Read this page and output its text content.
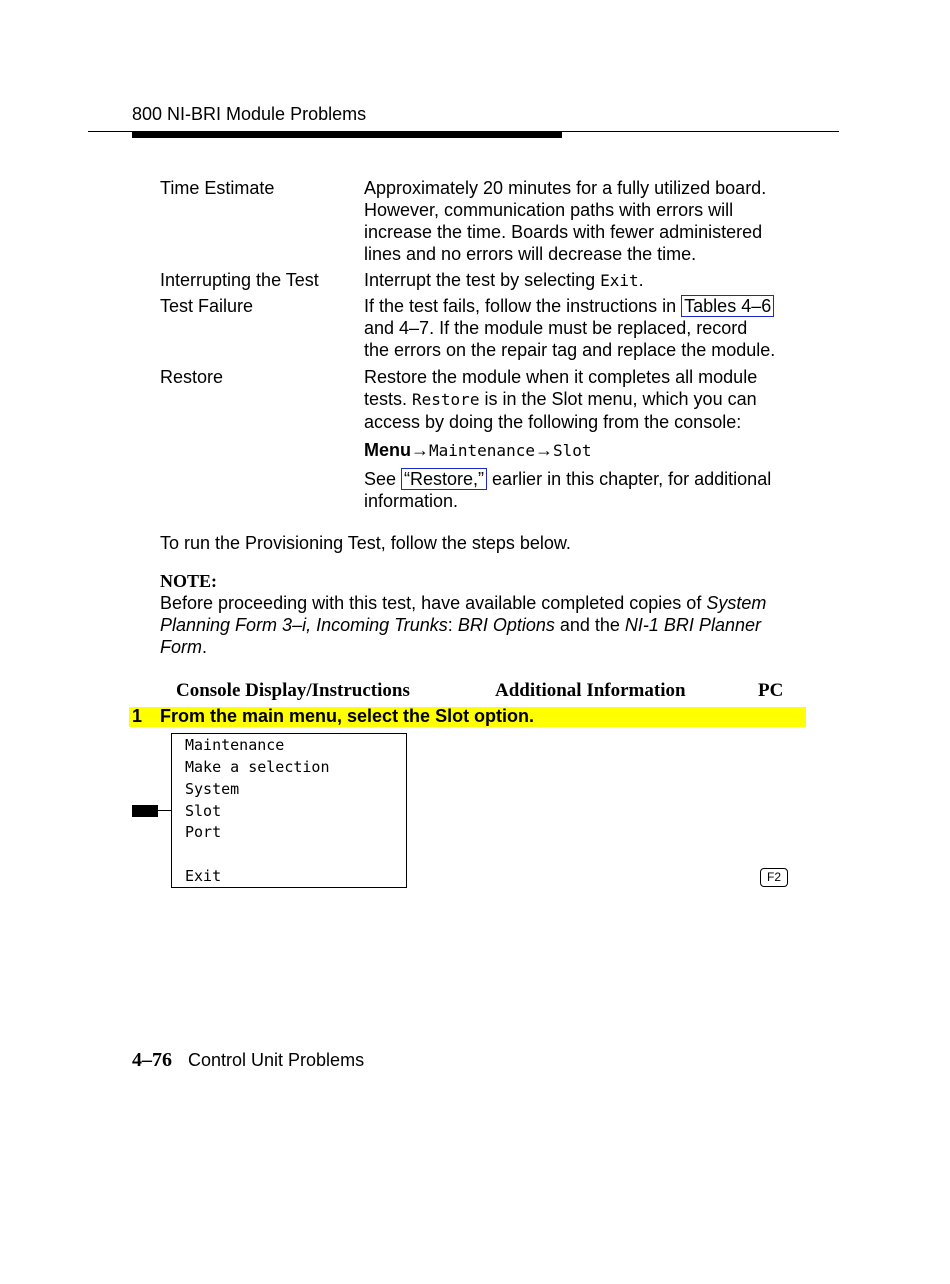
800 NI-BRI Module Problems
Time Estimate	Approximately 20 minutes for a fully utilized board.
However, communication paths with errors will
increase the time. Boards with fewer administered
lines and no errors will decrease the time.
Interrupting the Test	Interrupt the test by selecting Exit.
Test Failure	If the test fails, follow the instructions in Tables 4–6
and 4–7. If the module must be replaced, record
the errors on the repair tag and replace the module.
Restore	Restore the module when it completes all module
tests. Restore is in the Slot menu, which you can
access by doing the following from the console:
Menu→Maintenance→Slot
See “Restore,” earlier in this chapter, for additional
information.
To run the Provisioning Test, follow the steps below.
NOTE:
Before proceeding with this test, have available completed copies of System Planning Form 3–i, Incoming Trunks: BRI Options and the NI-1 BRI Planner Form.
Console Display/Instructions	Additional Information	PC
1 From the main menu, select the Slot option.
Maintenance
Make a selection
System
Slot
Port
Exit	F2
4–76 Control Unit Problems
